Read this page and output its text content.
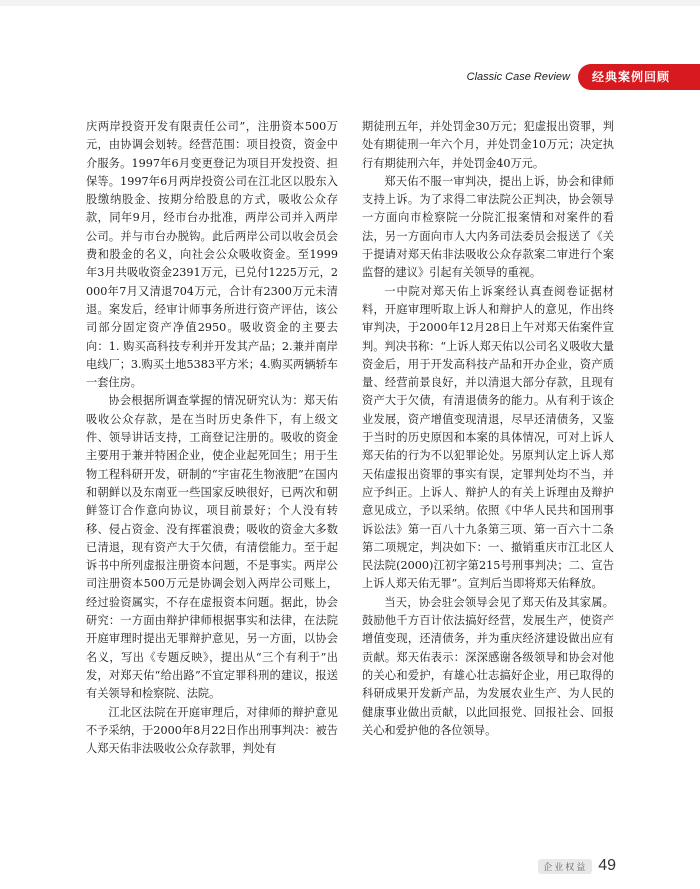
Classic Case Review	经典案例回顾

庆两岸投资开发有限责任公司”，注册资本500万元，由协调会划转。经营范围：项目投资，资金中介服务。1997年6月变更登记为项目开发投资、担保等。1997年6月两岸投资公司在江北区以股东入股缴纳股金、按期分给股息的方式，吸收公众存款，同年9月，经市台办批准，两岸公司并入两岸公司。并与市台办脱钩。此后两岸公司以收会员会费和股金的名义，向社会公众吸收资金。至1999年3月共吸收资金2391万元，已兑付1225万元，2000年7月又清退704万元，合计有2300万元未清退。案发后，经审计师事务所进行资产评估，该公司部分固定资产净值2950。吸收资金的主要去向：1. 购买高科技专利并开发其产品；2.兼并南岸电线厂；3.购买土地5383平方米；4.购买两辆轿车一套住房。

协会根据所调查掌握的情况研究认为：郑天佑吸收公众存款，是在当时历史条件下，有上级文件、领导讲话支持，工商登记注册的。吸收的资金主要用于兼并特困企业，使企业起死回生；用于生物工程科研开发，研制的“宇宙花生物液肥”在国内和朝鲜以及东南亚一些国家反映很好，已两次和朝鲜签订合作意向协议，项目前景好；个人没有转移、侵占资金、没有挥霍浪费；吸收的资金大多数已清退，现有资产大于欠债，有清偿能力。至于起诉书中所列虚报注册资本问题，不是事实。两岸公司注册资本500万元是协调会划入两岸公司账上，经过验资属实，不存在虚报资本问题。据此，协会研究：一方面由辩护律师根据事实和法律，在法院开庭审理时提出无罪辩护意见，另一方面，以协会名义，写出《专题反映》，提出从“三个有利于”出发，对郑天佑“给出路”不宜定罪科刑的建议，报送有关领导和检察院、法院。

江北区法院在开庭审理后，对律师的辩护意见不予采纳，于2000年8月22日作出刑事判决：被告人郑天佑非法吸收公众存款罪，判处有

期徒刑五年，并处罚金30万元；犯虚报出资罪，判处有期徒刑一年六个月，并处罚金10万元；决定执行有期徒刑六年，并处罚金40万元。

郑天佑不服一审判决，提出上诉，协会和律师支持上诉。为了求得二审法院公正判决，协会领导一方面向市检察院一分院汇报案情和对案件的看法，另一方面向市人大内务司法委员会报送了《关于提请对郑天佑非法吸收公众存款案二审进行个案监督的建议》引起有关领导的重视。

一中院对郑天佑上诉案经认真查阅卷证据材料，开庭审理听取上诉人和辩护人的意见，作出终审判决，于2000年12月28日上午对郑天佑案件宣判。判决书称：“上诉人郑天佑以公司名义吸收大量资金后，用于开发高科技产品和开办企业，资产质量、经营前景良好，并以清退大部分存款，且现有资产大于欠债，有清退债务的能力。从有利于该企业发展，资产增值变现清退，尽早还清债务，又鉴于当时的历史原因和本案的具体情况，可对上诉人郑天佑的行为不以犯罪论处。另原判认定上诉人郑天佑虚报出资罪的事实有误，定罪判处均不当，并应予纠正。上诉人、辩护人的有关上诉理由及辩护意见成立，予以采纳。依照《中华人民共和国刑事诉讼法》第一百八十九条第三项、第一百六十二条第二项规定，判决如下：一、撤销重庆市江北区人民法院(2000)江初字第215号刑事判决；二、宣告上诉人郑天佑无罪”。宣判后当即将郑天佑释放。

当天，协会驻会领导会见了郑天佑及其家属。鼓励他千方百计依法搞好经营，发展生产，使资产增值变现，还清债务，并为重庆经济建设做出应有贡献。郑天佑表示：深深感谢各级领导和协会对他的关心和爱护，有雄心壮志搞好企业，用已取得的科研成果开发新产品，为发展农业生产、为人民的健康事业做出贡献，以此回报党、回报社会、回报关心和爱护他的各位领导。

企业权益 49
